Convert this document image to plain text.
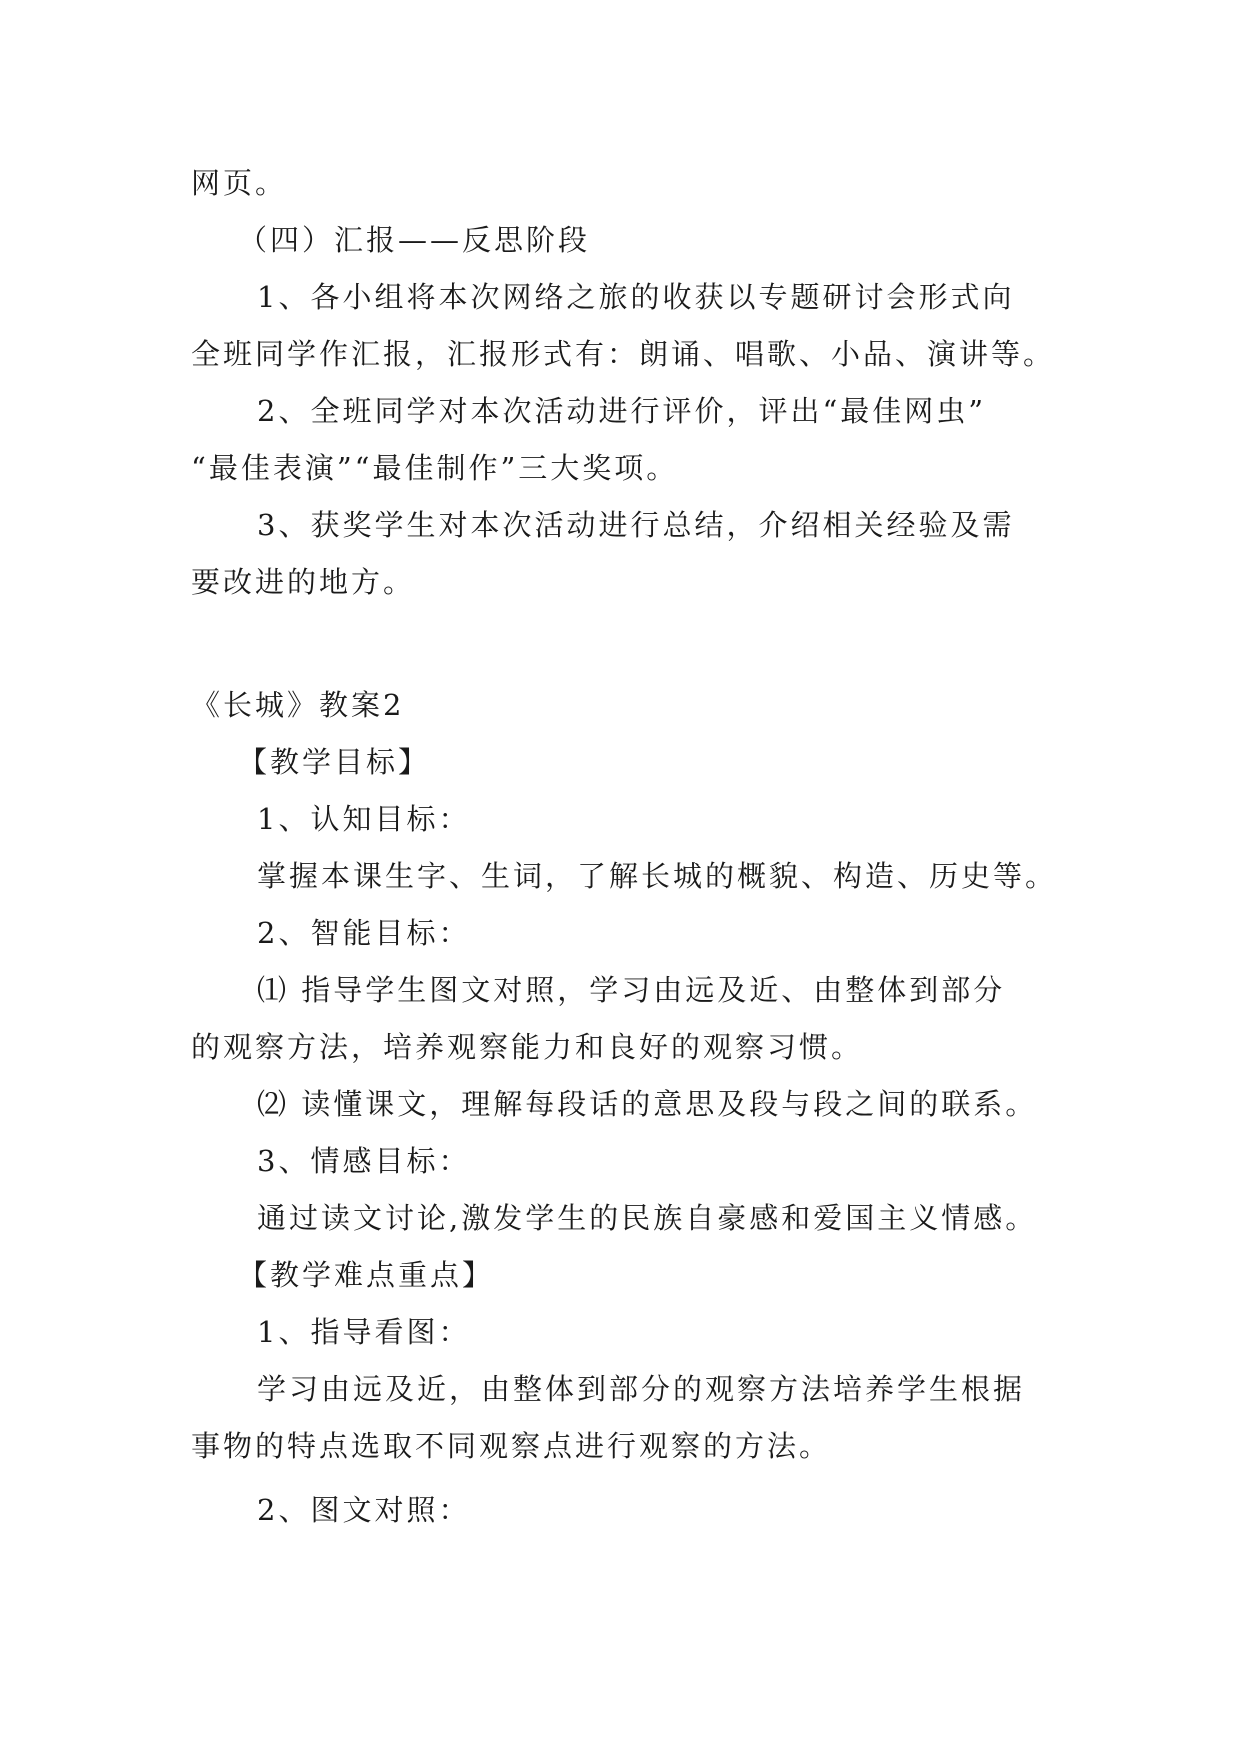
网页。
（四）汇报——反思阶段
1、各小组将本次网络之旅的收获以专题研讨会形式向
全班同学作汇报，汇报形式有：朗诵、唱歌、小品、演讲等。
2、全班同学对本次活动进行评价，评出“最佳网虫”
“最佳表演”“最佳制作”三大奖项。
3、获奖学生对本次活动进行总结，介绍相关经验及需
要改进的地方。
《长城》教案2
【教学目标】
1、认知目标：
掌握本课生字、生词，了解长城的概貌、构造、历史等。
2、智能目标：
⑴ 指导学生图文对照，学习由远及近、由整体到部分
的观察方法，培养观察能力和良好的观察习惯。
⑵ 读懂课文，理解每段话的意思及段与段之间的联系。
3、情感目标：
通过读文讨论,激发学生的民族自豪感和爱国主义情感。
【教学难点重点】
1、指导看图：
学习由远及近，由整体到部分的观察方法培养学生根据
事物的特点选取不同观察点进行观察的方法。
2、图文对照：
